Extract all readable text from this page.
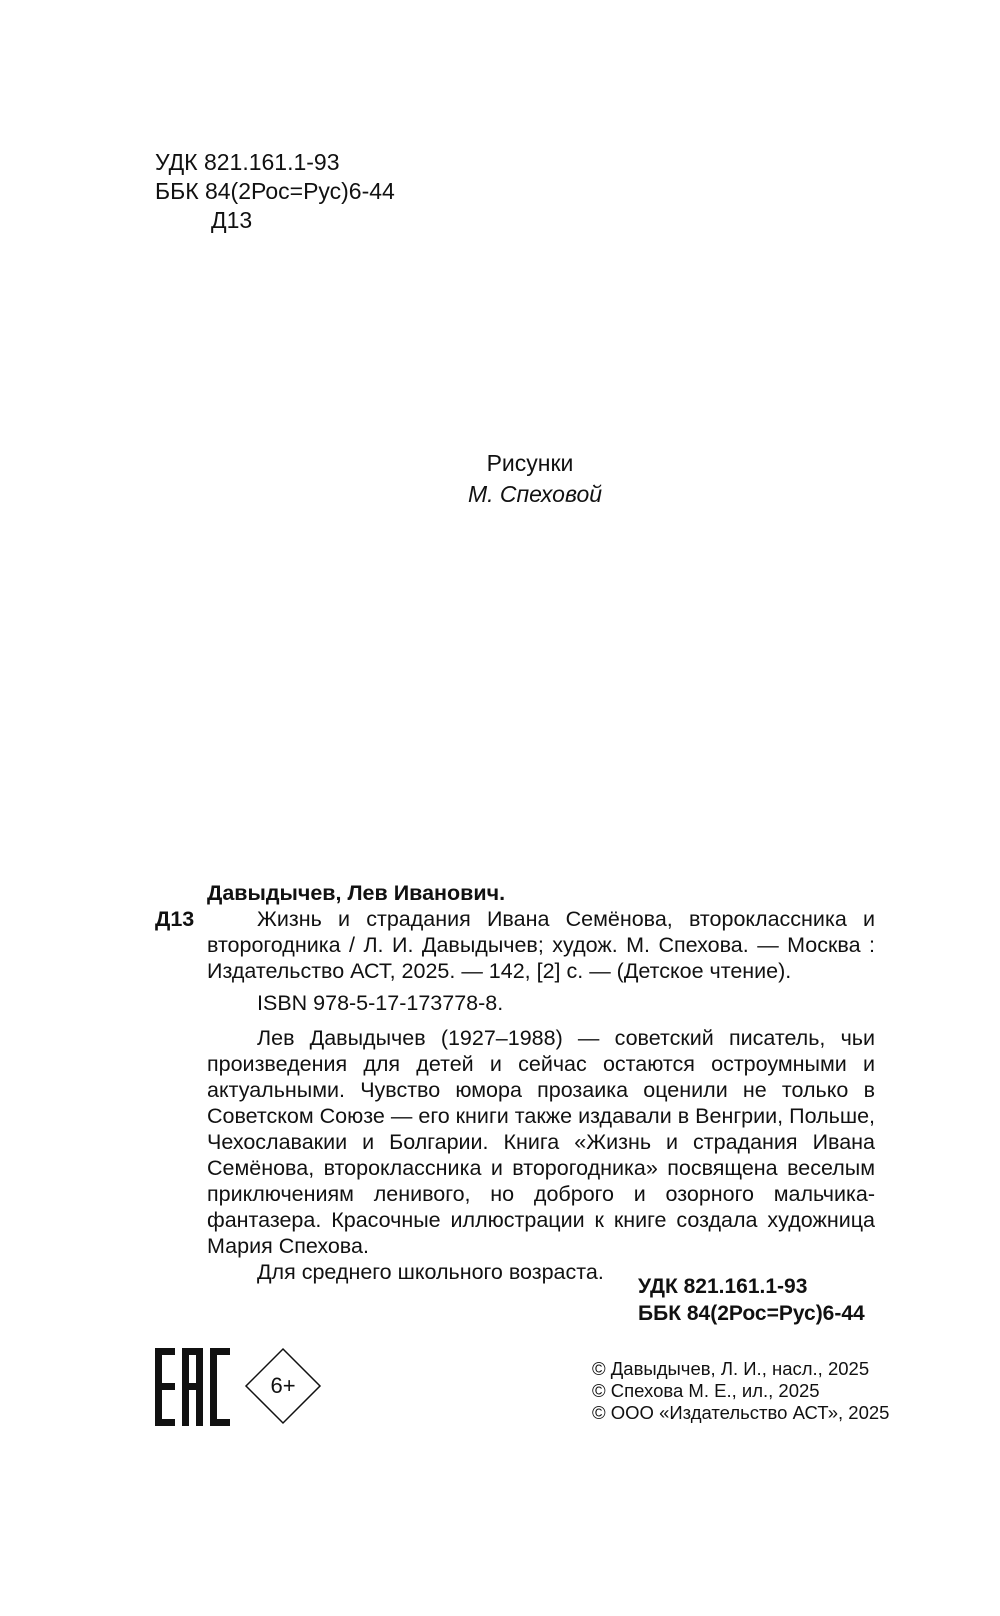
УДК 821.161.1-93
ББК 84(2Рос=Рус)6-44
Д13
Рисунки
М. Спеховой
Давыдычев, Лев Иванович.
Д13	Жизнь и страдания Ивана Семёнова, второклассника и второгодника / Л. И. Давыдычев; худож. М. Спехова. — Москва : Издательство АСТ, 2025. — 142, [2] с. — (Детское чтение).

ISBN 978-5-17-173778-8.

Лев Давыдычев (1927–1988) — советский писатель, чьи произведения для детей и сейчас остаются остроумными и актуальными. Чувство юмора прозаика оценили не только в Советском Союзе — его книги также издавали в Венгрии, Польше, Чехославакии и Болгарии. Книга «Жизнь и страдания Ивана Семёнова, второклассника и второгодника» посвящена веселым приключениям ленивого, но доброго и озорного мальчика-фантазера. Красочные иллюстрации к книге создала художница Мария Спехова.

Для среднего школьного возраста.

УДК 821.161.1-93
ББК 84(2Рос=Рус)6-44
6+
© Давыдычев, Л. И., насл., 2025
© Спехова М. Е., ил., 2025
© ООО «Издательство АСТ», 2025
